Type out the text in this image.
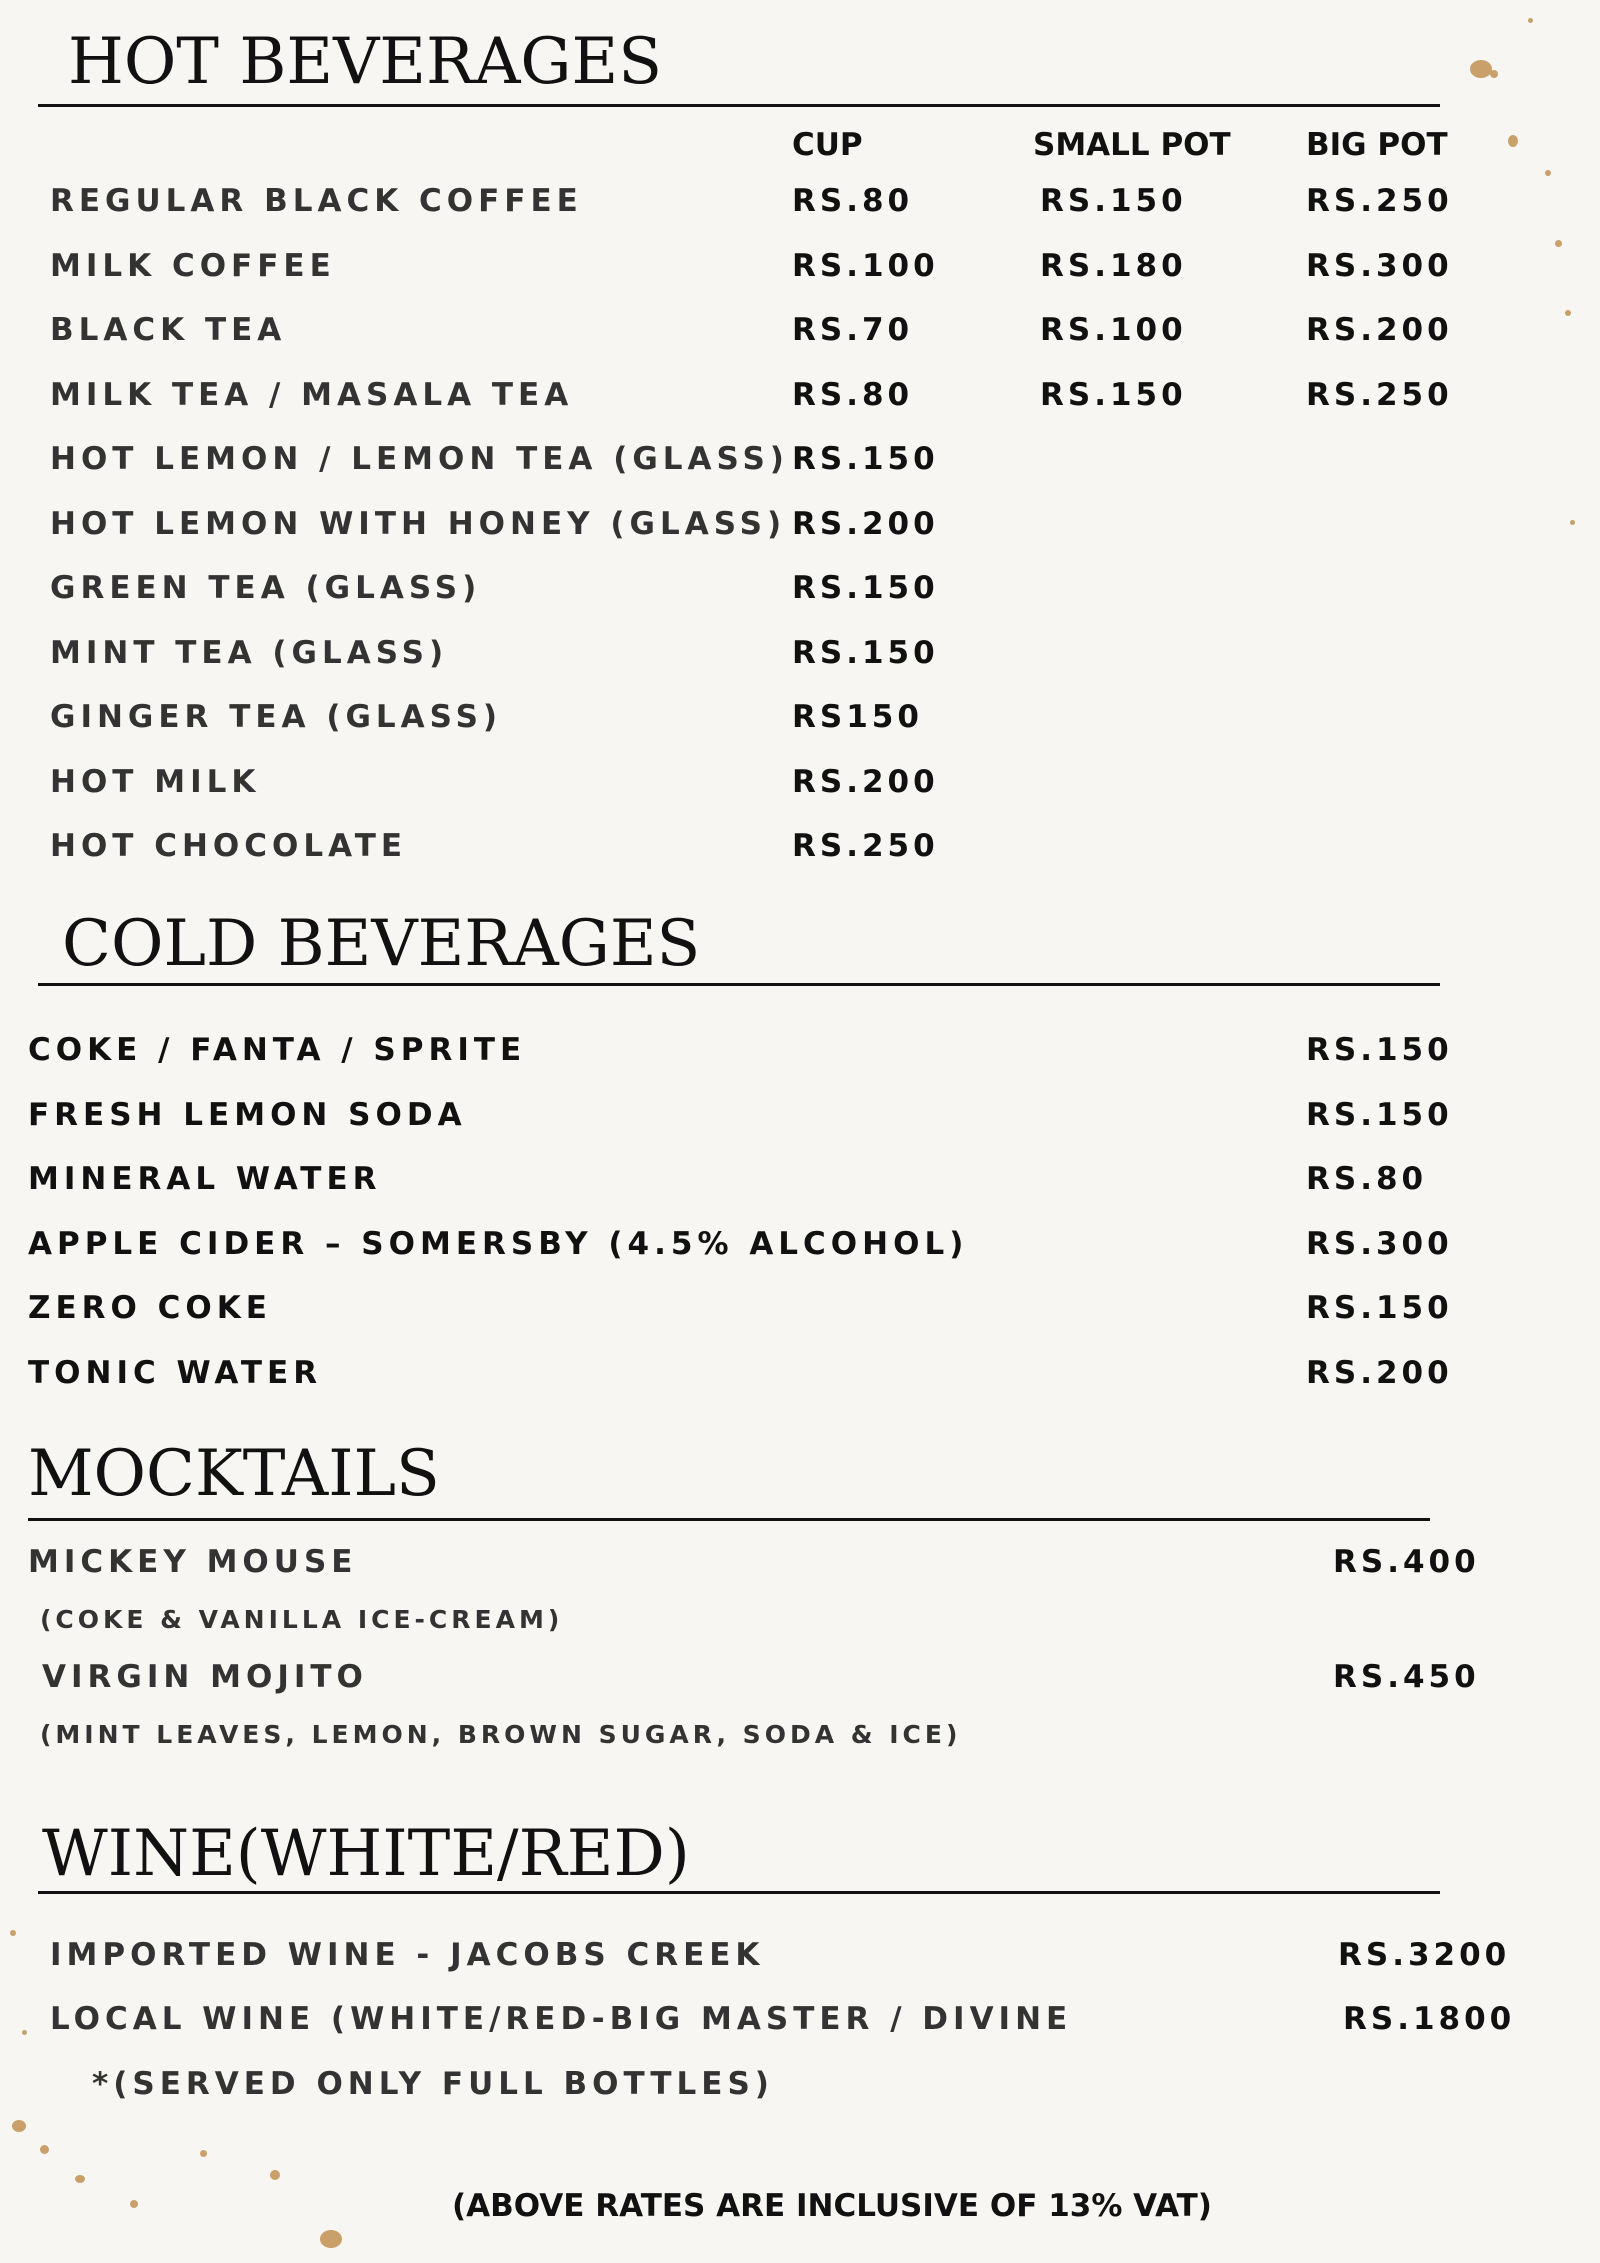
HOT BEVERAGES
CUP	SMALL POT BIG POT
REGULAR BLACK COFFEE	RS.80	RS.150	RS.250
MILK COFFEE	RS.100	RS.180	RS.300
BLACK TEA	RS.70	RS.100	RS.200
MILK TEA / MASALA TEA	RS.80	RS.150	RS.250
HOT LEMON / LEMON TEA (GLASS) RS.150
HOT LEMON WITH HONEY (GLASS) RS.200
GREEN TEA (GLASS)	RS.150
MINT TEA (GLASS)	RS.150
GINGER TEA (GLASS)	RS150
HOT MILK	RS.200
HOT CHOCOLATE	RS.250
COLD BEVERAGES
COKE / FANTA / SPRITE	RS.150
FRESH LEMON SODA	RS.150
MINERAL WATER	RS.80
APPLE CIDER – SOMERSBY (4.5% ALCOHOL)	RS.300
ZERO COKE	RS.150
TONIC WATER	RS.200
MOCKTAILS
MICKEY MOUSE	RS.400
(COKE & VANILLA ICE-CREAM)
VIRGIN MOJITO	RS.450
(MINT LEAVES, LEMON, BROWN SUGAR, SODA & ICE)
WINE(WHITE/RED)
IMPORTED WINE - JACOBS CREEK	RS.3200
LOCAL WINE (WHITE/RED-BIG MASTER / DIVINE	RS.1800
*(SERVED ONLY FULL BOTTLES)
(ABOVE RATES ARE INCLUSIVE OF 13% VAT)
